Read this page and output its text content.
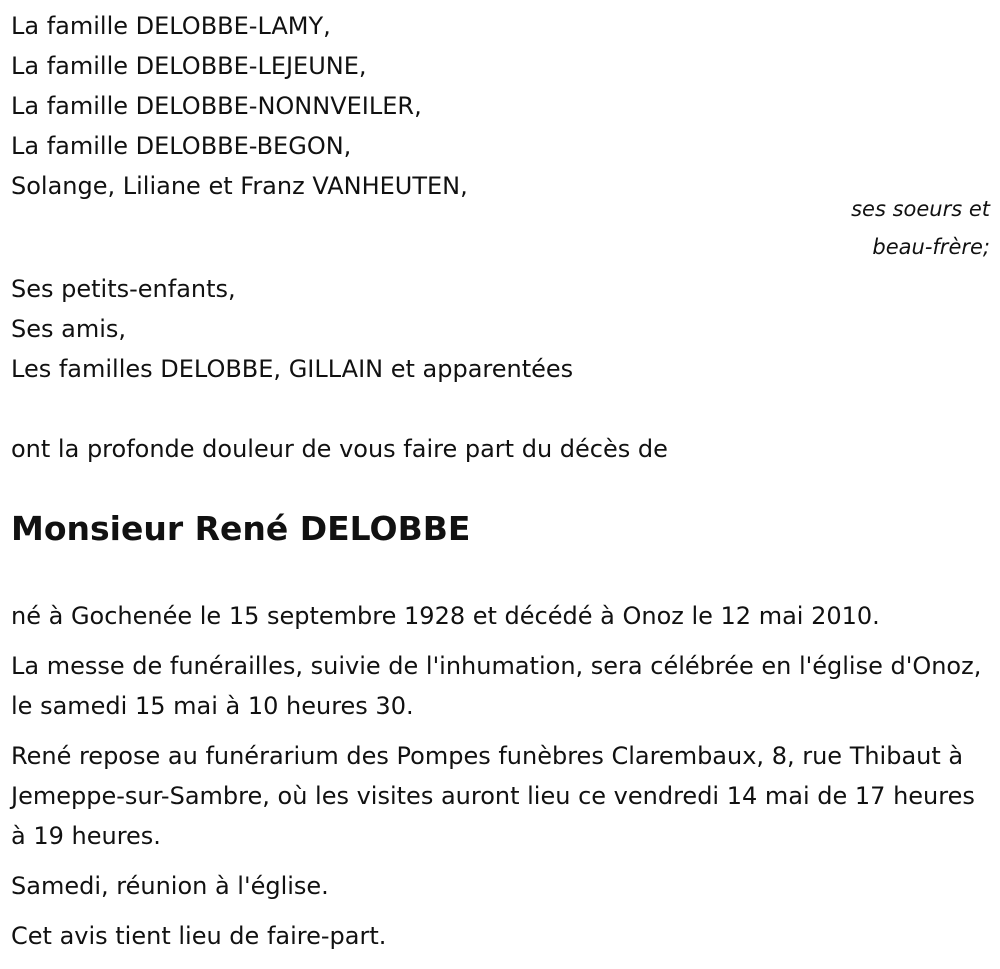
La famille DELOBBE-LAMY,
La famille DELOBBE-LEJEUNE,
La famille DELOBBE-NONNVEILER,
La famille DELOBBE-BEGON,
Solange, Liliane et Franz VANHEUTEN,
ses soeurs et
beau-frère;
Ses petits-enfants,
Ses amis,
Les familles DELOBBE, GILLAIN et apparentées
ont la profonde douleur de vous faire part du décès de
Monsieur René DELOBBE

né à Gochenée le 15 septembre 1928 et décédé à Onoz le 12 mai 2010.

La messe de funérailles, suivie de l'inhumation, sera célébrée en l'église d'Onoz, le samedi 15 mai à 10 heures 30.

René repose au funérarium des Pompes funèbres Clarembaux, 8, rue Thibaut à Jemeppe-sur-Sambre, où les visites auront lieu ce vendredi 14 mai de 17 heures à 19 heures.

Samedi, réunion à l'église.

Cet avis tient lieu de faire-part.
